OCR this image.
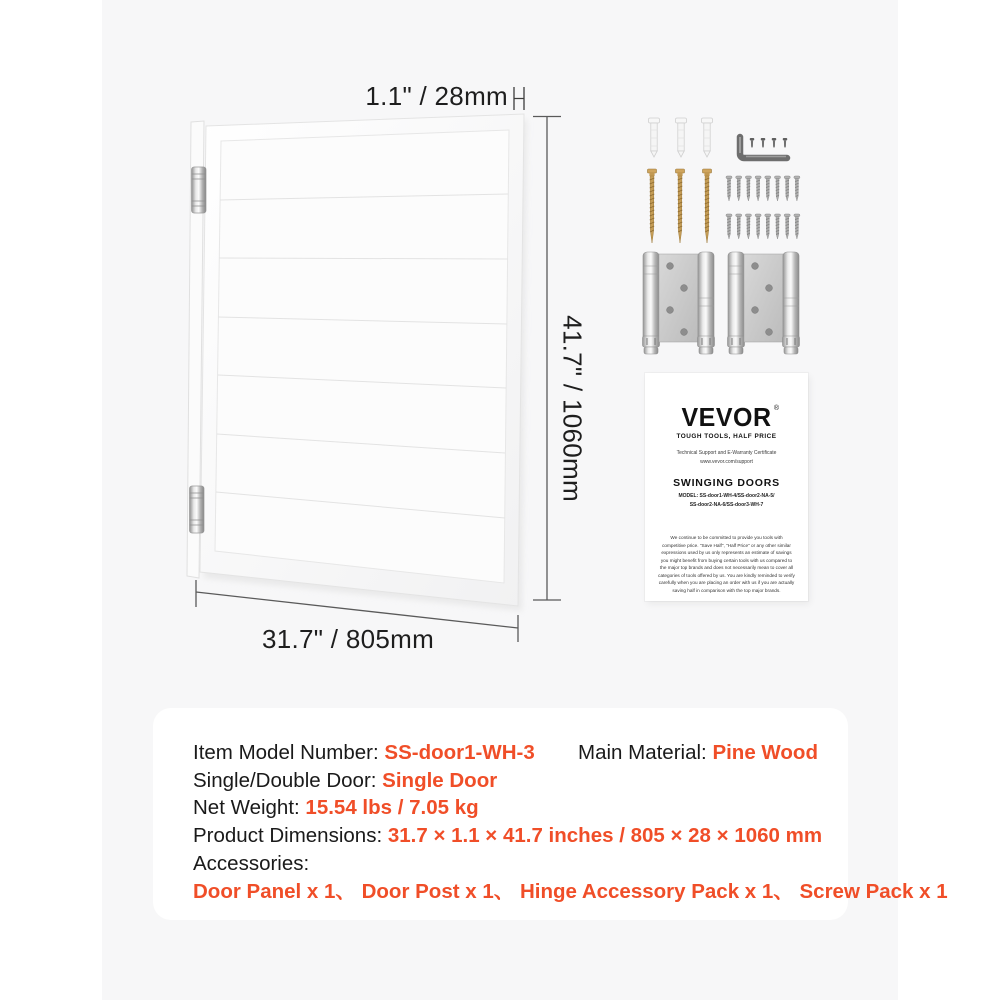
1.1" / 28mm
41.7" / 1060mm
31.7" / 805mm
VEVOR ®
TOUGH TOOLS, HALF PRICE
Technical Support and E-Warranty Certificate
www.vevor.com/support
SWINGING DOORS
MODEL: SS-door1-WH-4/SS-door2-NA-5/
SS-door2-NA-6/SS-door3-WH-7
We continue to be committed to provide you tools with competitive price. "Save Half", "Half Price" or any other similar expressions used by us only represents an estimate of savings you might benefit from buying certain tools with us compared to the major top brands and does not necessarily mean to cover all categories of tools offered by us. You are kindly reminded to verify carefully when you are placing an order with us if you are actually saving half in comparison with the top major brands.
Item Model Number: SS-door1-WH-3 Main Material: Pine Wood
Single/Double Door: Single Door
Net Weight: 15.54 lbs / 7.05 kg
Product Dimensions: 31.7 × 1.1 × 41.7 inches / 805 × 28 × 1060 mm
Accessories:
Door Panel x 1、 Door Post x 1、 Hinge Accessory Pack x 1、 Screw Pack x 1
